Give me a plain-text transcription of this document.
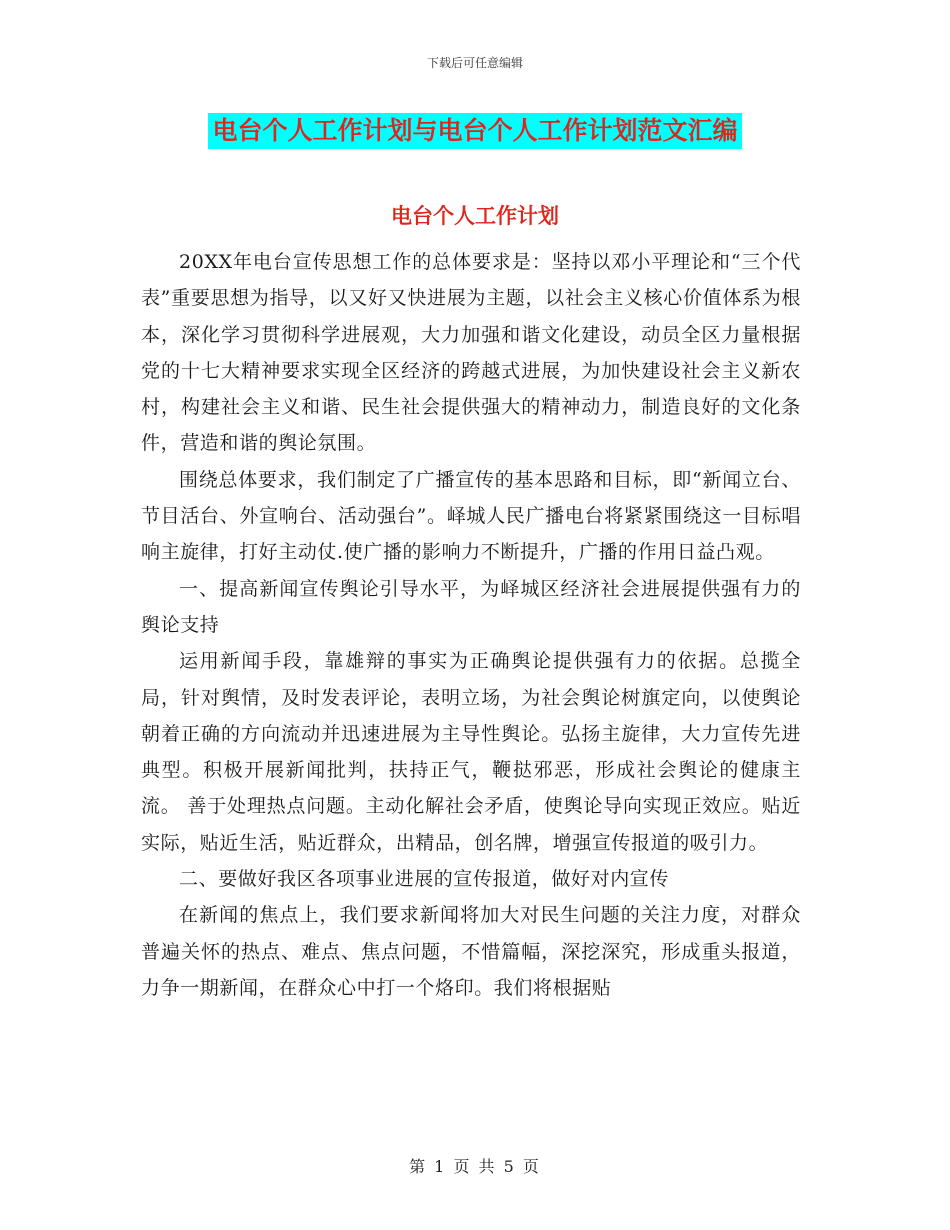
下载后可任意编辑
电台个人工作计划与电台个人工作计划范文汇编
电台个人工作计划

20XX年电台宣传思想工作的总体要求是：坚持以邓小平理论和“三个代表”重要思想为指导，以又好又快进展为主题，以社会主义核心价值体系为根本，深化学习贯彻科学进展观，大力加强和谐文化建设，动员全区力量根据党的十七大精神要求实现全区经济的跨越式进展，为加快建设社会主义新农村，构建社会主义和谐、民生社会提供强大的精神动力，制造良好的文化条件，营造和谐的舆论氛围。

围绕总体要求，我们制定了广播宣传的基本思路和目标，即“新闻立台、节目活台、外宣响台、活动强台”。峄城人民广播电台将紧紧围绕这一目标唱响主旋律，打好主动仗.使广播的影响力不断提升，广播的作用日益凸观。

一、提高新闻宣传舆论引导水平，为峄城区经济社会进展提供强有力的舆论支持

运用新闻手段，靠雄辩的事实为正确舆论提供强有力的依据。总揽全局，针对舆情，及时发表评论，表明立场，为社会舆论树旗定向，以使舆论朝着正确的方向流动并迅速进展为主导性舆论。弘扬主旋律，大力宣传先进典型。积极开展新闻批判，扶持正气，鞭挞邪恶，形成社会舆论的健康主流。 善于处理热点问题。主动化解社会矛盾，使舆论导向实现正效应。贴近实际，贴近生活，贴近群众，出精品，创名牌，增强宣传报道的吸引力。

二、要做好我区各项事业进展的宣传报道，做好对内宣传

在新闻的焦点上，我们要求新闻将加大对民生问题的关注力度，对群众普遍关怀的热点、难点、焦点问题，不惜篇幅，深挖深究，形成重头报道，力争一期新闻，在群众心中打一个烙印。我们将根据贴

第 1 页 共 5 页
